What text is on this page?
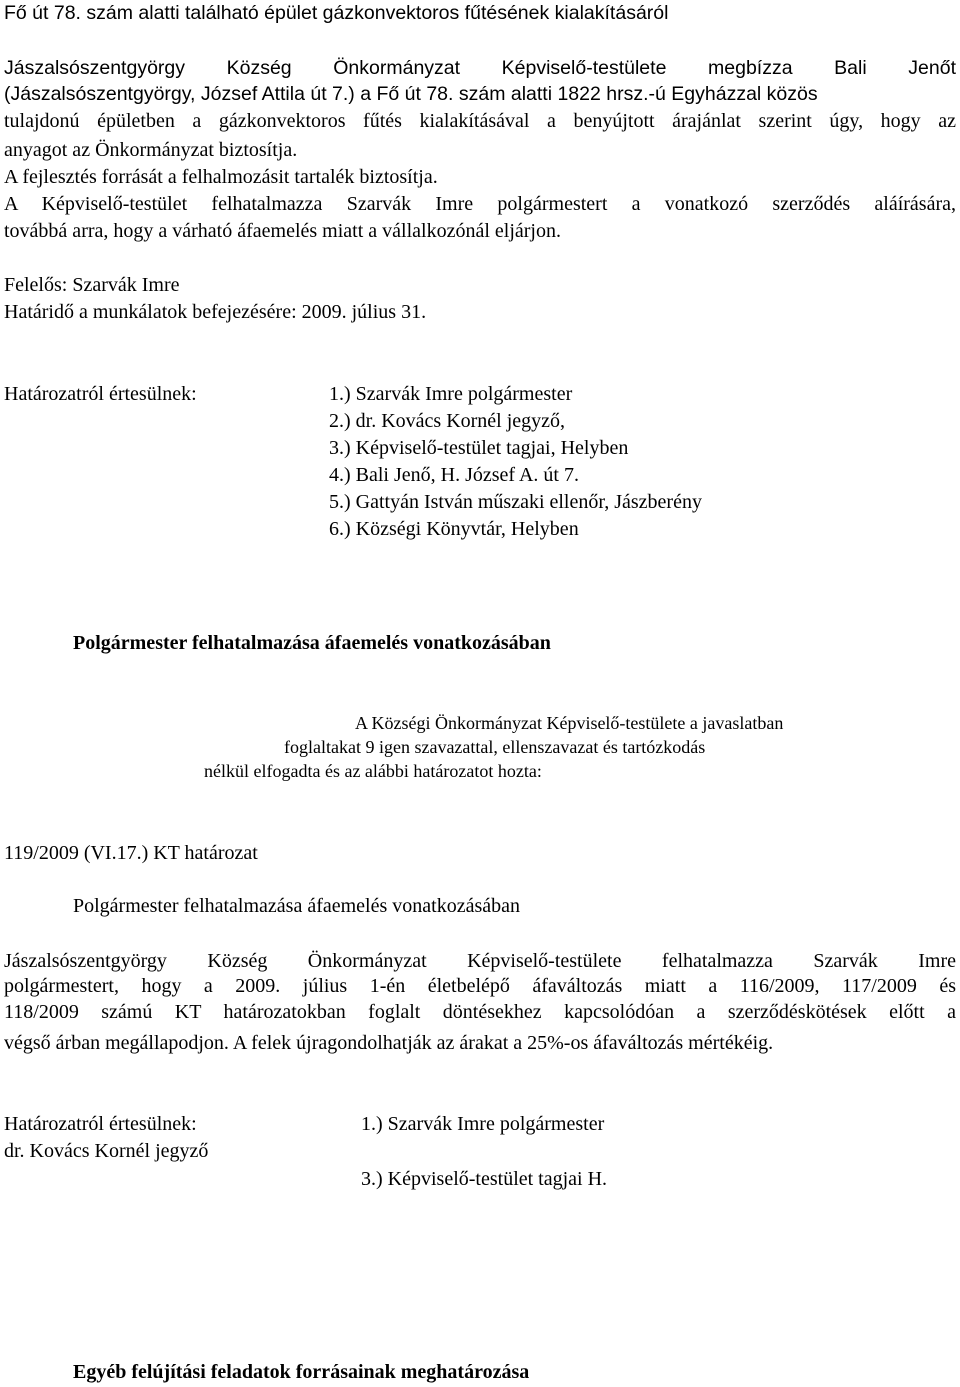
Fő út 78. szám alatti található épület gázkonvektoros fűtésének kialakításáról
Jászalsószentgyörgy Község Önkormányzat Képviselő-testülete megbízza Bali Jenőt
(Jászalsószentgyörgy, József Attila út 7.) a Fő út 78. szám alatti 1822 hrsz.-ú Egyházzal közös
tulajdonú épületben a gázkonvektoros fűtés kialakításával a benyújtott árajánlat szerint úgy, hogy az
anyagot az Önkormányzat biztosítja.
A fejlesztés forrását a felhalmozásit tartalék biztosítja.
A Képviselő-testület felhatalmazza Szarvák Imre polgármestert a vonatkozó szerződés aláírására,
továbbá arra, hogy a várható áfaemelés miatt a vállalkozónál eljárjon.
Felelős: Szarvák Imre
Határidő a munkálatok befejezésére: 2009. július 31.
Határozatról értesülnek:	1.) Szarvák Imre polgármester
2.) dr. Kovács Kornél jegyző,
3.) Képviselő-testület tagjai, Helyben
4.) Bali Jenő, H. József A. út 7.
5.) Gattyán István műszaki ellenőr, Jászberény
6.) Községi Könyvtár, Helyben
Polgármester felhatalmazása áfaemelés vonatkozásában
A Községi Önkormányzat Képviselő-testülete a javaslatban
foglaltakat 9 igen szavazattal, ellenszavazat és tartózkodás
nélkül elfogadta és az alábbi határozatot hozta:
119/2009 (VI.17.) KT határozat
Polgármester felhatalmazása áfaemelés vonatkozásában
Jászalsószentgyörgy Község Önkormányzat Képviselő-testülete felhatalmazza Szarvák Imre
polgármestert, hogy a 2009. július 1-én életbelépő áfaváltozás miatt a 116/2009, 117/2009 és
118/2009 számú KT határozatokban foglalt döntésekhez kapcsolódóan a szerződéskötések előtt a
végső árban megállapodjon. A felek újragondolhatják az árakat a 25%-os áfaváltozás mértékéig.
Határozatról értesülnek:
dr. Kovács Kornél jegyző
1.) Szarvák Imre polgármester
3.) Képviselő-testület tagjai H.
Egyéb felújítási feladatok forrásainak meghatározása
